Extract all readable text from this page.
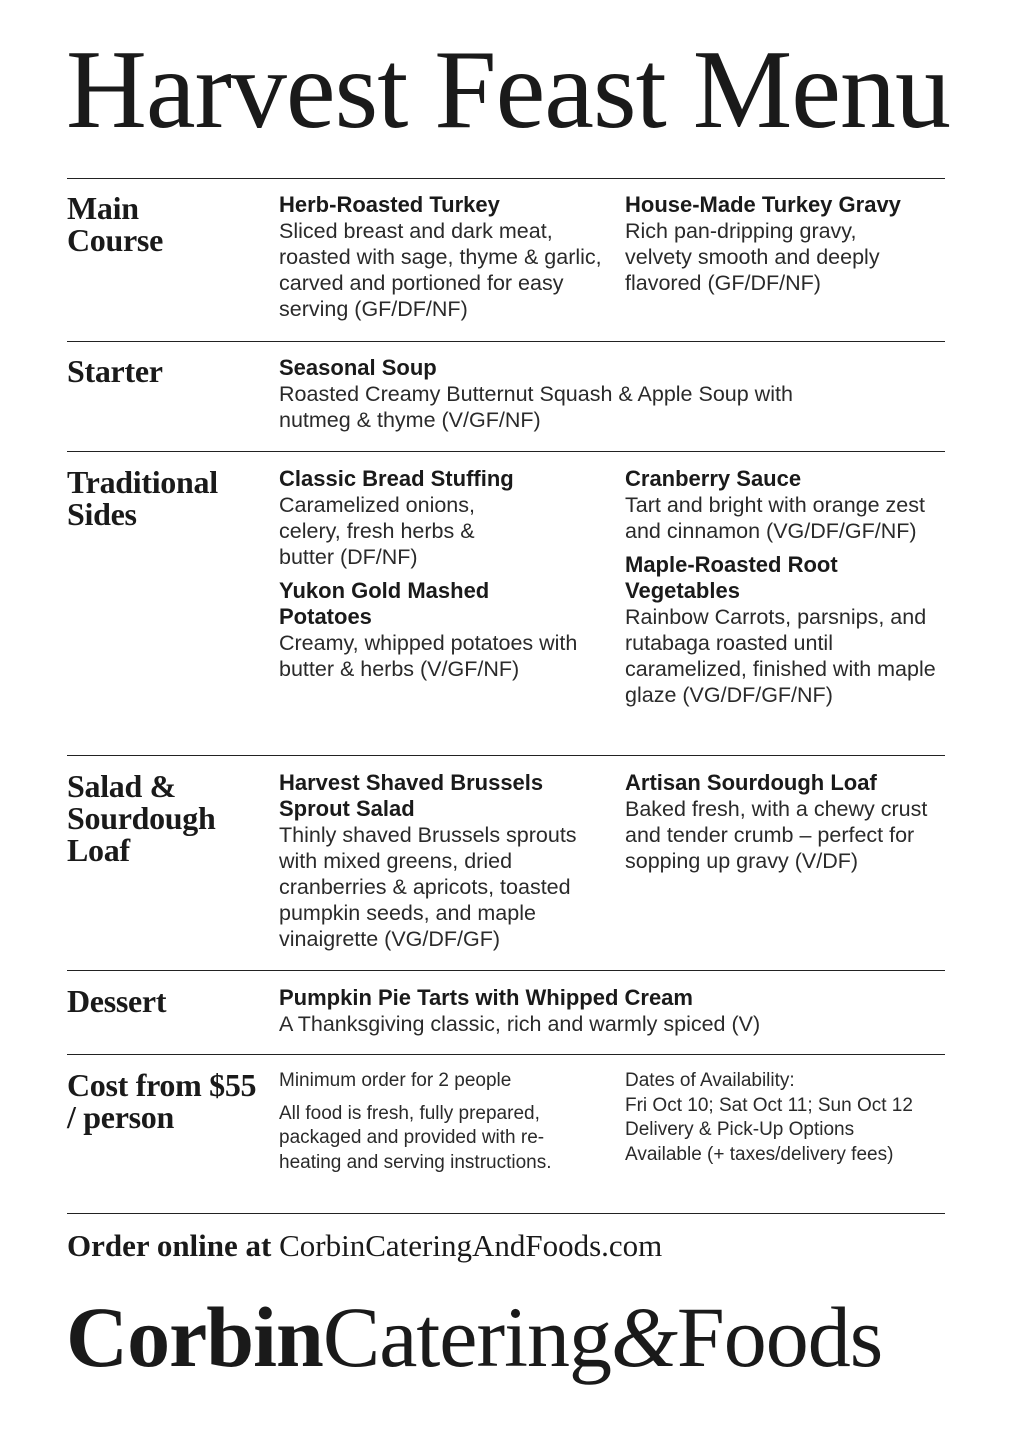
Harvest Feast Menu
Main Course
Herb-Roasted Turkey
Sliced breast and dark meat, roasted with sage, thyme & garlic, carved and portioned for easy serving (GF/DF/NF)
House-Made Turkey Gravy
Rich pan-dripping gravy, velvety smooth and deeply flavored (GF/DF/NF)
Starter	Seasonal Soup
Roasted Creamy Butternut Squash & Apple Soup with nutmeg & thyme (V/GF/NF)
Traditional Sides
Classic Bread Stuffing
Caramelized onions, celery, fresh herbs & butter (DF/NF)
Yukon Gold Mashed Potatoes
Creamy, whipped potatoes with butter & herbs (V/GF/NF)
Cranberry Sauce
Tart and bright with orange zest and cinnamon (VG/DF/GF/NF)
Maple-Roasted Root Vegetables
Rainbow Carrots, parsnips, and rutabaga roasted until caramelized, finished with maple glaze (VG/DF/GF/NF)
Salad & Sourdough Loaf
Harvest Shaved Brussels Sprout Salad
Thinly shaved Brussels sprouts with mixed greens, dried cranberries & apricots, toasted pumpkin seeds, and maple vinaigrette (VG/DF/GF)
Artisan Sourdough Loaf
Baked fresh, with a chewy crust and tender crumb – perfect for sopping up gravy (V/DF)
Dessert	Pumpkin Pie Tarts with Whipped Cream
A Thanksgiving classic, rich and warmly spiced (V)
Cost from $55 / person
Minimum order for 2 people
All food is fresh, fully prepared, packaged and provided with re-heating and serving instructions.
Dates of Availability:
Fri Oct 10; Sat Oct 11; Sun Oct 12
Delivery & Pick-Up Options Available (+ taxes/delivery fees)
Order online at CorbinCateringAndFoods.com
CorbinCatering&Foods
